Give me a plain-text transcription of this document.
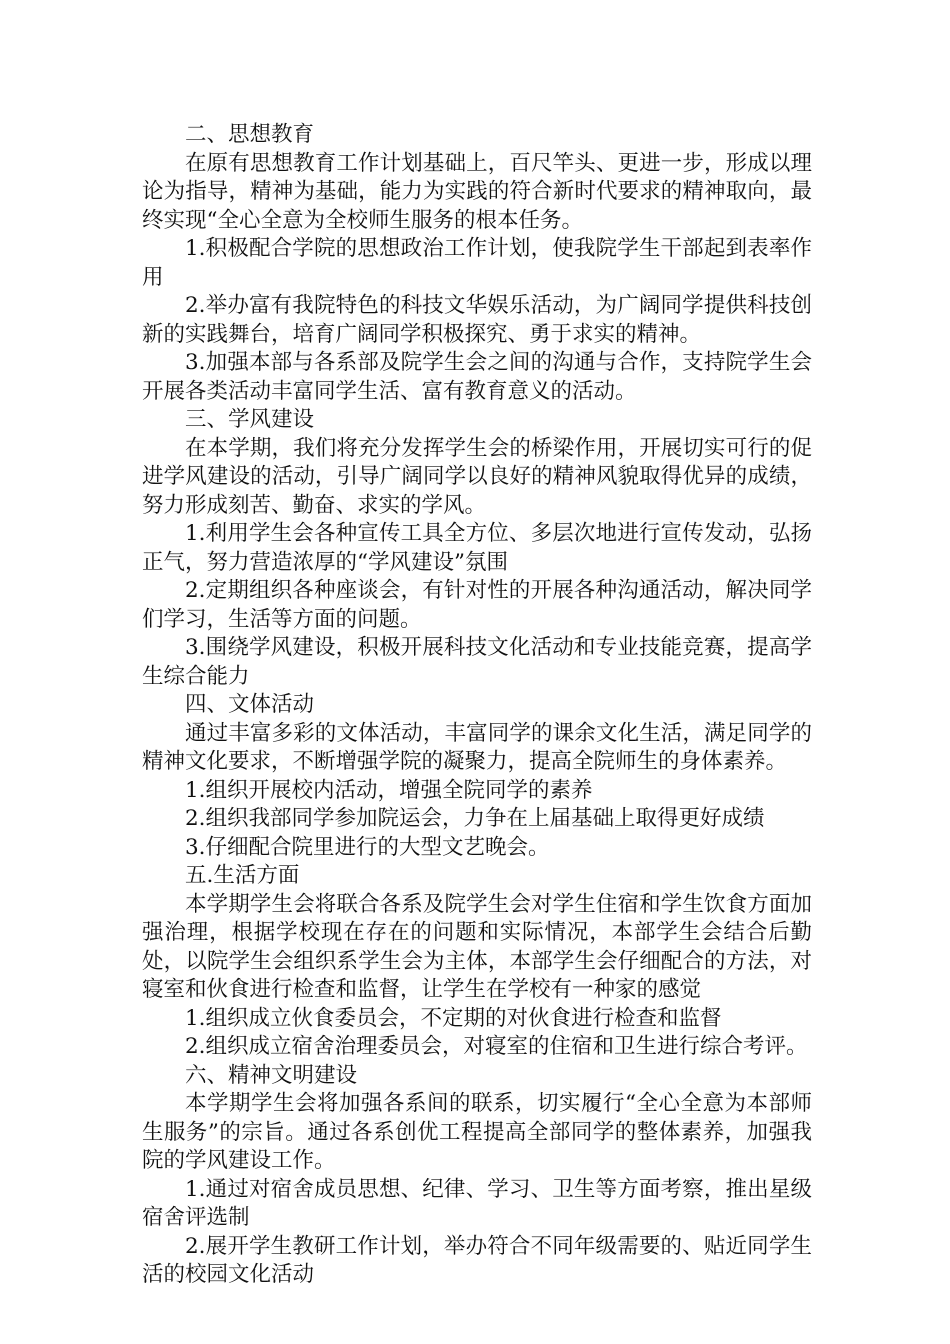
二、思想教育

在原有思想教育工作计划基础上，百尺竿头、更进一步，形成以理论为指导，精神为基础，能力为实践的符合新时代要求的精神取向，最终实现“全心全意为全校师生服务的根本任务。

1.积极配合学院的思想政治工作计划，使我院学生干部起到表率作用

2.举办富有我院特色的科技文华娱乐活动，为广阔同学提供科技创新的实践舞台，培育广阔同学积极探究、勇于求实的精神。

3.加强本部与各系部及院学生会之间的沟通与合作，支持院学生会开展各类活动丰富同学生活、富有教育意义的活动。

三、学风建设

在本学期，我们将充分发挥学生会的桥梁作用，开展切实可行的促进学风建设的活动，引导广阔同学以良好的精神风貌取得优异的成绩，努力形成刻苦、勤奋、求实的学风。

1.利用学生会各种宣传工具全方位、多层次地进行宣传发动，弘扬正气，努力营造浓厚的“学风建设”氛围

2.定期组织各种座谈会，有针对性的开展各种沟通活动，解决同学们学习，生活等方面的问题。

3.围绕学风建设，积极开展科技文化活动和专业技能竞赛，提高学生综合能力

四、文体活动

通过丰富多彩的文体活动，丰富同学的课余文化生活，满足同学的精神文化要求，不断增强学院的凝聚力，提高全院师生的身体素养。

1.组织开展校内活动，增强全院同学的素养

2.组织我部同学参加院运会，力争在上届基础上取得更好成绩

3.仔细配合院里进行的大型文艺晚会。

五.生活方面

本学期学生会将联合各系及院学生会对学生住宿和学生饮食方面加强治理，根据学校现在存在的问题和实际情况，本部学生会结合后勤处，以院学生会组织系学生会为主体，本部学生会仔细配合的方法，对寝室和伙食进行检查和监督，让学生在学校有一种家的感觉

1.组织成立伙食委员会，不定期的对伙食进行检查和监督

2.组织成立宿舍治理委员会，对寝室的住宿和卫生进行综合考评。

六、精神文明建设

本学期学生会将加强各系间的联系，切实履行“全心全意为本部师生服务”的宗旨。通过各系创优工程提高全部同学的整体素养，加强我院的学风建设工作。

1.通过对宿舍成员思想、纪律、学习、卫生等方面考察，推出星级宿舍评选制

2.展开学生教研工作计划，举办符合不同年级需要的、贴近同学生活的校园文化活动
